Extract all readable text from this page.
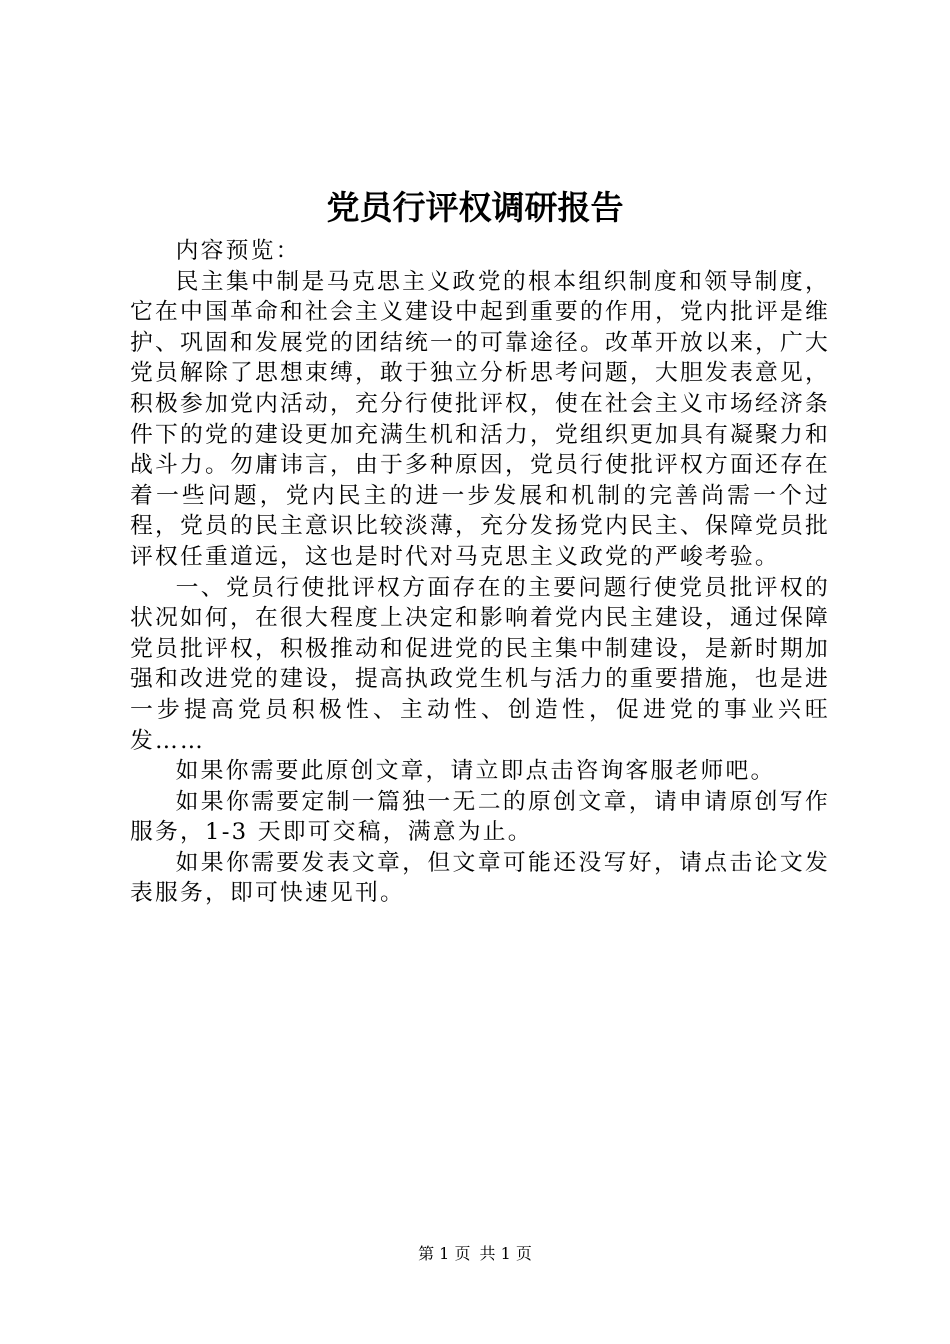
党员行评权调研报告

内容预览：

民主集中制是马克思主义政党的根本组织制度和领导制度，它在中国革命和社会主义建设中起到重要的作用，党内批评是维护、巩固和发展党的团结统一的可靠途径。改革开放以来，广大党员解除了思想束缚，敢于独立分析思考问题，大胆发表意见，积极参加党内活动，充分行使批评权，使在社会主义市场经济条件下的党的建设更加充满生机和活力，党组织更加具有凝聚力和战斗力。勿庸讳言，由于多种原因，党员行使批评权方面还存在着一些问题，党内民主的进一步发展和机制的完善尚需一个过程，党员的民主意识比较淡薄，充分发扬党内民主、保障党员批评权任重道远，这也是时代对马克思主义政党的严峻考验。

一、党员行使批评权方面存在的主要问题行使党员批评权的状况如何，在很大程度上决定和影响着党内民主建设，通过保障党员批评权，积极推动和促进党的民主集中制建设，是新时期加强和改进党的建设，提高执政党生机与活力的重要措施，也是进一步提高党员积极性、主动性、创造性，促进党的事业兴旺发……

如果你需要此原创文章，请立即点击咨询客服老师吧。

如果你需要定制一篇独一无二的原创文章，请申请原创写作服务，1-3 天即可交稿，满意为止。

如果你需要发表文章，但文章可能还没写好，请点击论文发表服务，即可快速见刊。

第 1 页 共 1 页
